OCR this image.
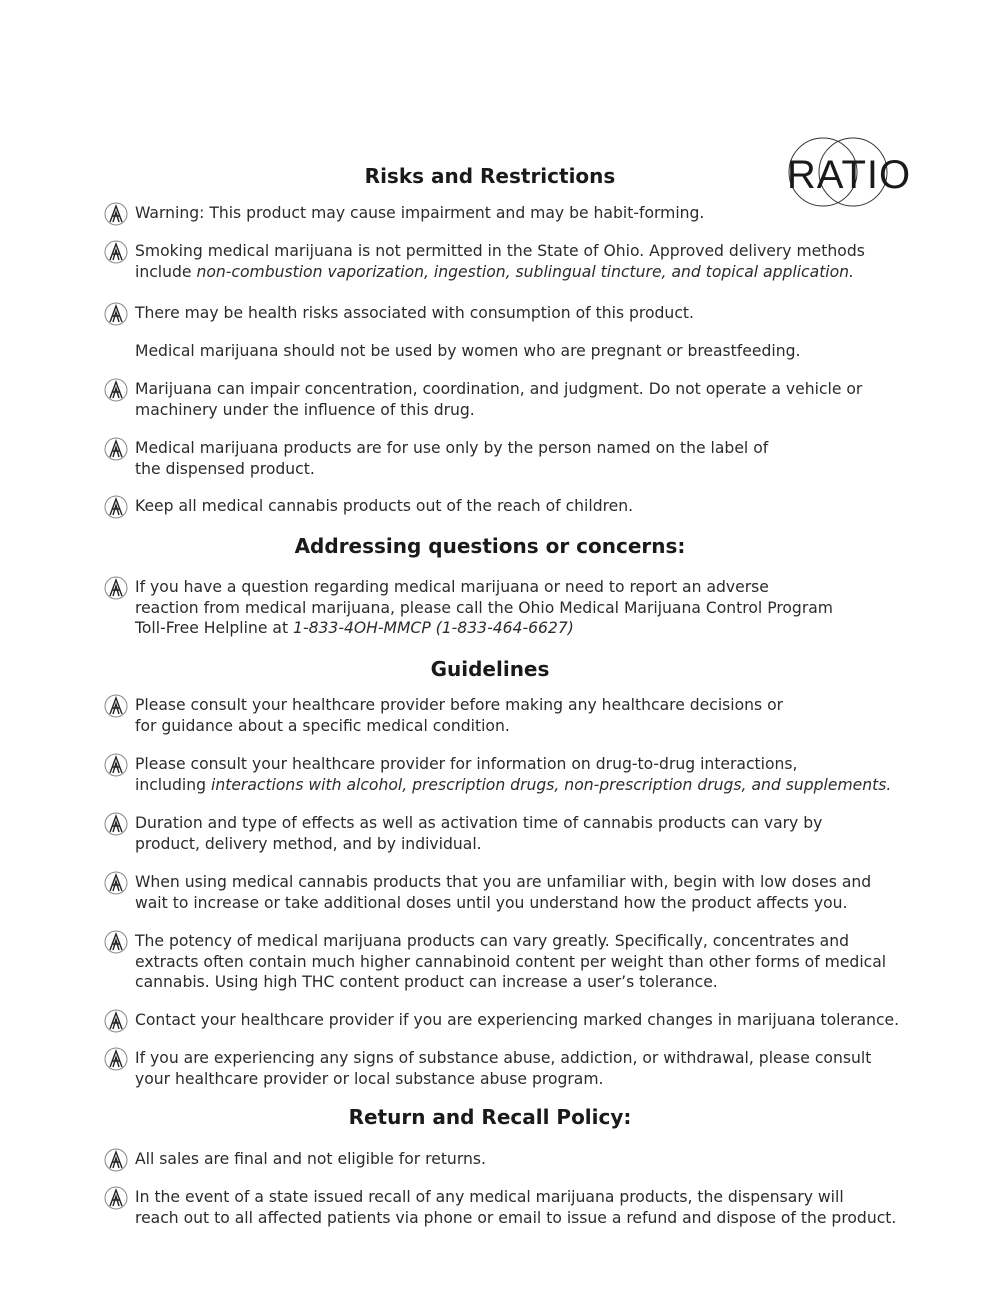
RATIO
Risks and Restrictions
Warning: This product may cause impairment and may be habit-forming.
Smoking medical marijuana is not permitted in the State of Ohio. Approved delivery methods
include non-combustion vaporization, ingestion, sublingual tincture, and topical application.
There may be health risks associated with consumption of this product.
Medical marijuana should not be used by women who are pregnant or breastfeeding.
Marijuana can impair concentration, coordination, and judgment. Do not operate a vehicle or
machinery under the influence of this drug.
Medical marijuana products are for use only by the person named on the label of
the dispensed product.
Keep all medical cannabis products out of the reach of children.
Addressing questions or concerns:
If you have a question regarding medical marijuana or need to report an adverse
reaction from medical marijuana, please call the Ohio Medical Marijuana Control Program
Toll-Free Helpline at 1-833-4OH-MMCP (1-833-464-6627)
Guidelines
Please consult your healthcare provider before making any healthcare decisions or
for guidance about a specific medical condition.
Please consult your healthcare provider for information on drug-to-drug interactions,
including interactions with alcohol, prescription drugs, non-prescription drugs, and supplements.
Duration and type of effects as well as activation time of cannabis products can vary by
product, delivery method, and by individual.
When using medical cannabis products that you are unfamiliar with, begin with low doses and
wait to increase or take additional doses until you understand how the product affects you.
The potency of medical marijuana products can vary greatly. Specifically, concentrates and
extracts often contain much higher cannabinoid content per weight than other forms of medical
cannabis. Using high THC content product can increase a user’s tolerance.
Contact your healthcare provider if you are experiencing marked changes in marijuana tolerance.
If you are experiencing any signs of substance abuse, addiction, or withdrawal, please consult
your healthcare provider or local substance abuse program.
Return and Recall Policy:
All sales are final and not eligible for returns.
In the event of a state issued recall of any medical marijuana products, the dispensary will
reach out to all affected patients via phone or email to issue a refund and dispose of the product.
